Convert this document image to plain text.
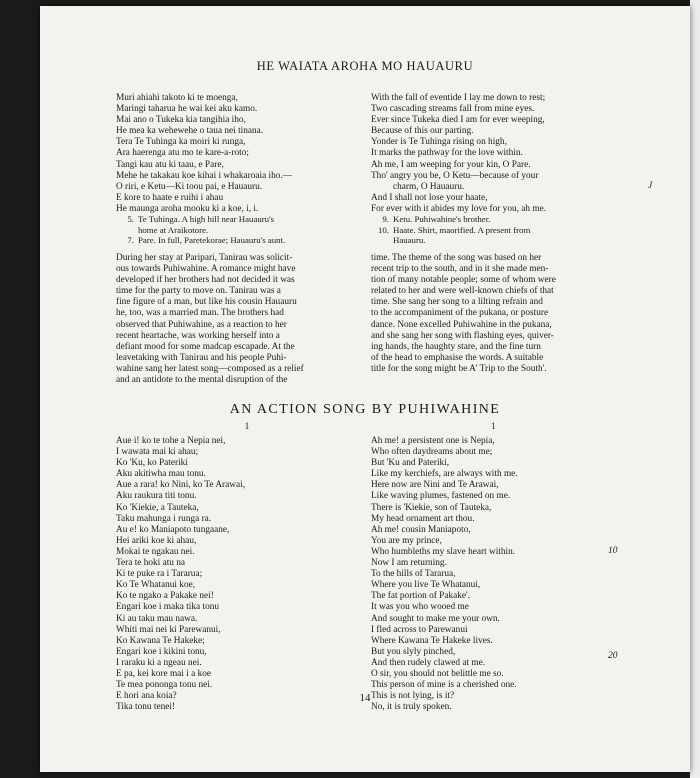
HE WAIATA AROHA MO HAUAURU
Muri ahiahi takoto ki te moenga,
Maringi taharua he wai kei aku kamo.
Mai ano o Tukeka kia tangihia iho,
He mea ka wehewehe o taua nei tinana.
Tera Te Tuhinga ka moiri ki runga,
Ara haerenga atu mo te kare-a-roto;
Tangi kau atu ki taau, e Pare,
Mehe he takakau koe kihai i whakaroaia iho.—
O riri, e Ketu—Ki toou pai, e Hauauru.
E kore to haate e ruihi i ahau
He maunga aroha mooku ki a koe, i, i.
With the fall of eventide I lay me down to rest;
Two cascading streams fall from mine eyes.
Ever since Tukeka died I am for ever weeping,
Because of this our parting.
Yonder is Te Tuhinga rising on high,
It marks the pathway for the love within.
Ah me, I am weeping for your kin, O Pare.
Tho' angry you be, O Ketu—because of your
charm, O Hauauru.
And I shall not lose your haate,
For ever with it abides my love for you, ah me.
J
5. Te Tuhinga. A high hill near Hauauru's
home at Araikotore.
7. Pare. In full, Paretekorae; Hauauru's aunt.
9. Ketu. Puhiwahine's brother.
10. Haate. Shirt, maorified. A present from
Hauauru.
During her stay at Paripari, Tanirau was solicit-
ous towards Puhiwahine. A romance might have
developed if her brothers had not decided it was
time for the party to move on. Tanirau was a
fine figure of a man, but like his cousin Hauauru
he, too, was a married man. The brothers had
observed that Puhiwahine, as a reaction to her
recent heartache, was working herself into a
defiant mood for some madcap escapade. At the
leavetaking with Tanirau and his people Puhi-
wahine sang her latest song—composed as a relief
and an antidote to the mental disruption of the
time. The theme of the song was based on her
recent trip to the south, and in it she made men-
tion of many notable people; some of whom were
related to her and were well-known chiefs of that
time. She sang her song to a lilting refrain and
to the accompaniment of the pukana, or posture
dance. None excelled Puhiwahine in the pukana,
and she sang her song with flashing eyes, quiver-
ing hands, the haughty stare, and the fine turn
of the head to emphasise the words. A suitable
title for the song might be A' Trip to the South'.
AN ACTION SONG BY PUHIWAHINE
1	1
Aue i! ko te tohe a Nepia nei,
I wawata mai ki ahau;
Ko 'Ku, ko Pateriki
Aku akitiwha mau tonu.
Aue a rara! ko Nini, ko Te Arawai,
Aku raukura titi tonu.
Ko 'Kiekie, a Tauteka,
Taku mahunga i runga ra.
Au e! ko Maniapoto tungaane,
Hei ariki koe ki ahau,
Mokai te ngakau nei.
Tera te hoki atu na
Ki te puke ra i Tararua;
Ko Te Whatanui koe,
Ko te ngako a Pakake nei!
Engari koe i maka tika tonu
Ki au taku mau nawa.
Whiti mai nei ki Parewanui,
Ko Kawana Te Hakeke;
Engari koe i kikini tonu,
I raraku ki a ngeau nei.
E pa, kei kore mai i a koe
Te mea pononga tonu nei.
E hori ana koia?
Tika tonu tenei!
Ah me! a persistent one is Nepia,
Who often daydreams about me;
But 'Ku and Pateriki,
Like my kerchiefs, are always with me.
Here now are Nini and Te Arawai,
Like waving plumes, fastened on me.
There is 'Kiekie, son of Tauteka,
My head ornament art thou.
Ah me! cousin Maniapoto,
You are my prince,
Who humbleths my slave heart within.
Now I am returning.
To the hills of Tararua,
Where you live Te Whatanui,
The fat portion of Pakake'.
It was you who wooed me
And sought to make me your own.
I fled across to Parewanui
Where Kawana Te Hakeke lives.
But you slyly pinched,
And then rudely clawed at me.
O sir, you should not belittle me so.
This person of mine is a cherished one.
This is not lying, is it?
No, it is truly spoken.
10
20
14
